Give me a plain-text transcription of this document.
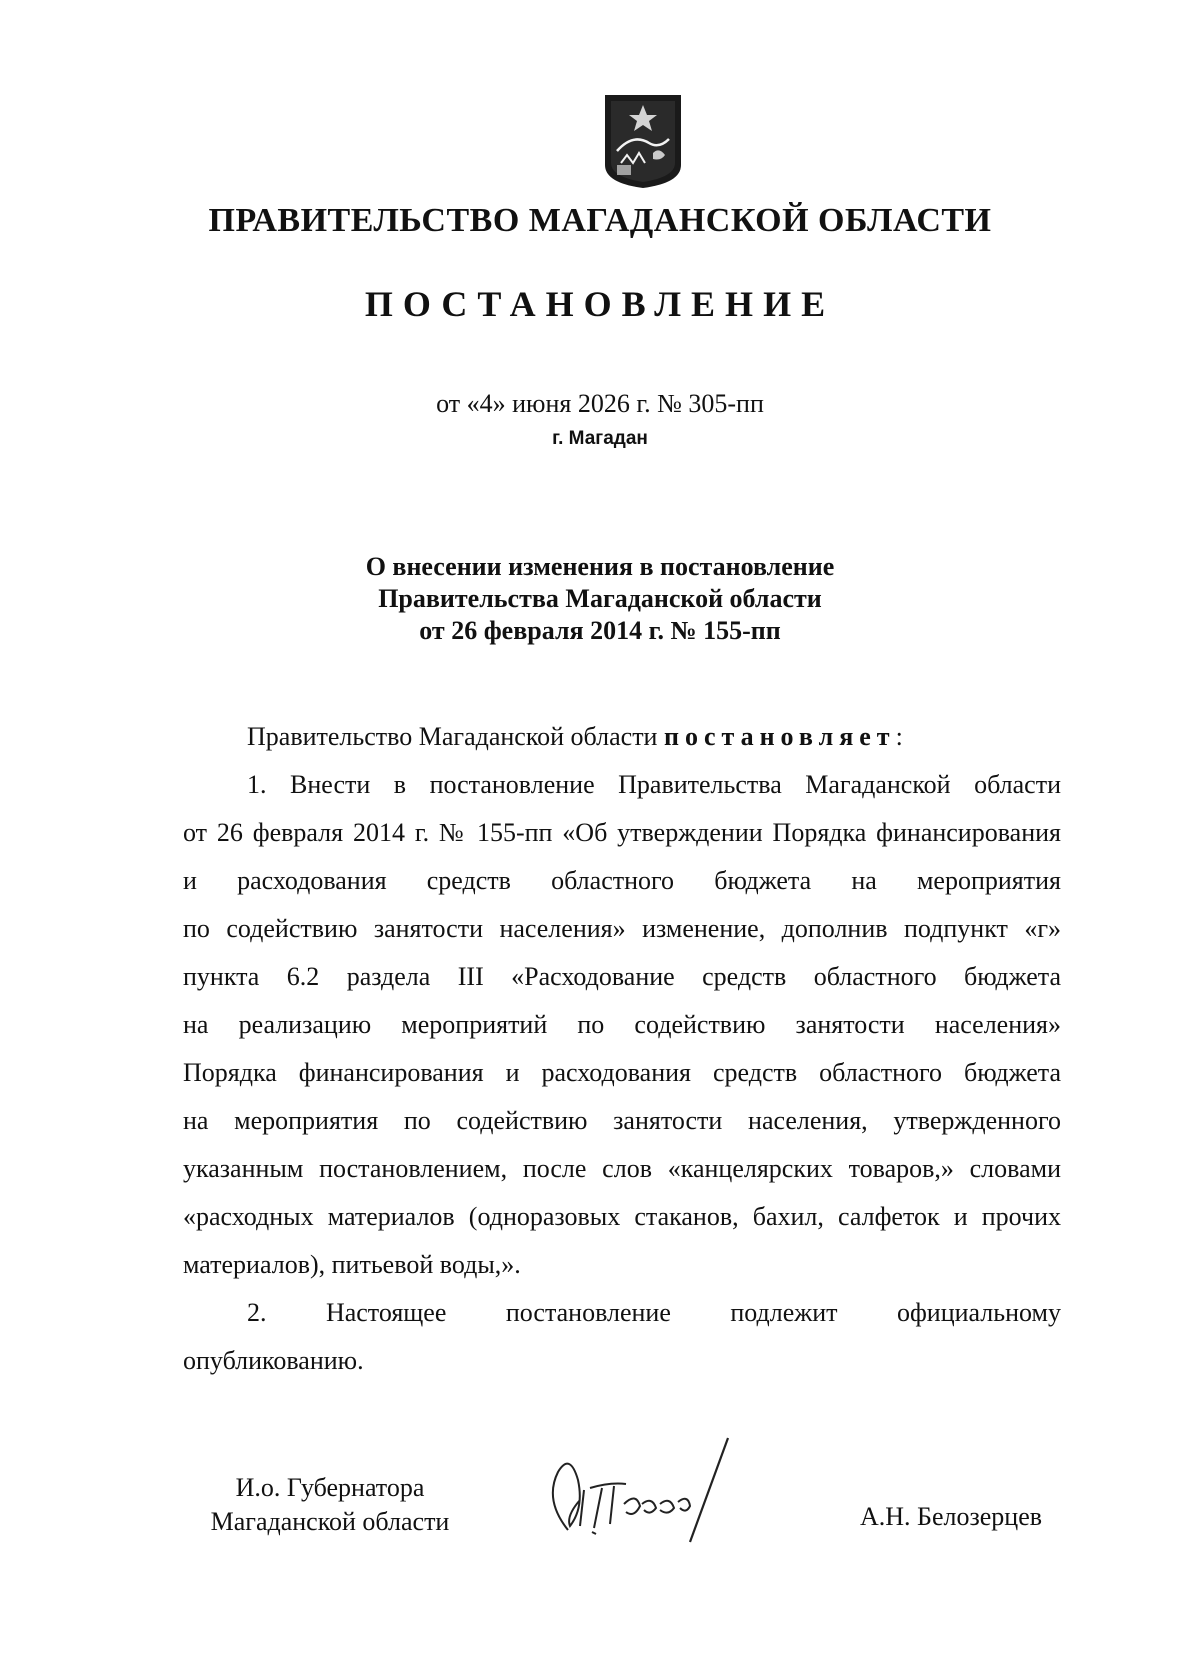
ПРАВИТЕЛЬСТВО МАГАДАНСКОЙ ОБЛАСТИ
ПОСТАНОВЛЕНИЕ
от «4» июня 2026 г. № 305-пп
г. Магадан
О внесении изменения в постановление
Правительства Магаданской области
от 26 февраля 2014 г. № 155-пп
Правительство Магаданской области постановляет:
1. Внести в постановление Правительства Магаданской области
от 26 февраля 2014 г. № 155-пп «Об утверждении Порядка финансирования
и расходования средств областного бюджета на мероприятия
по содействию занятости населения» изменение, дополнив подпункт «г»
пункта 6.2 раздела III «Расходование средств областного бюджета
на реализацию мероприятий по содействию занятости населения»
Порядка финансирования и расходования средств областного бюджета
на мероприятия по содействию занятости населения, утвержденного
указанным постановлением, после слов «канцелярских товаров,» словами
«расходных материалов (одноразовых стаканов, бахил, салфеток и прочих
материалов), питьевой воды,».
2. Настоящее постановление подлежит официальному
опубликованию.
И.о. Губернатора
Магаданской области	А.Н. Белозерцев
